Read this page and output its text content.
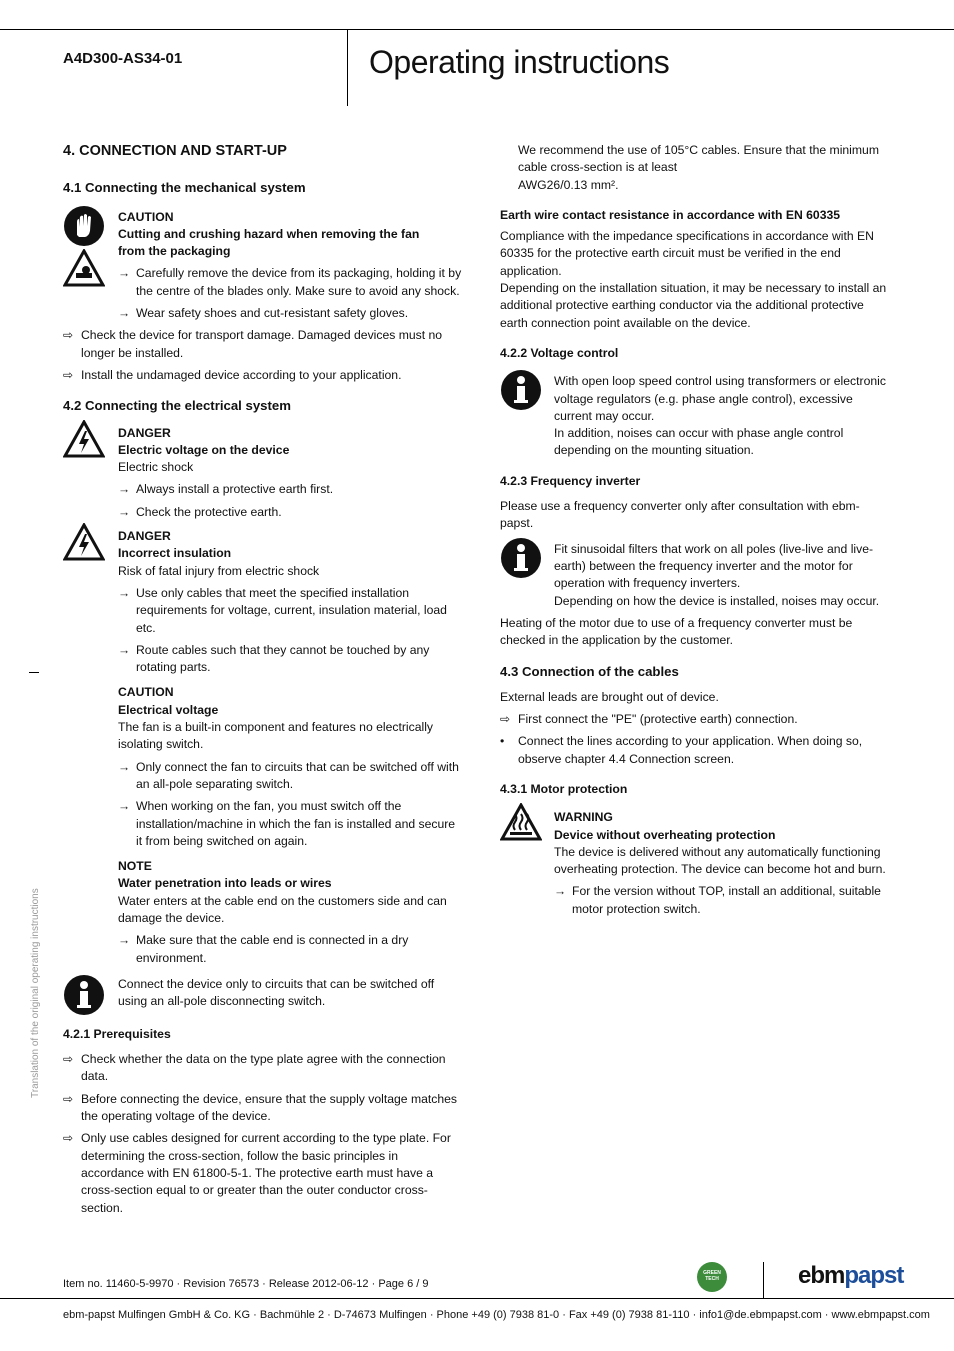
A4D300-AS34-01	Operating instructions
Translation of the original operating instructions

4. CONNECTION AND START-UP

4.1 Connecting the mechanical system

CAUTION

Cutting and crushing hazard when removing the fan

from the packaging

→ Carefully remove the device from its packaging, holding it by the centre of the blades only. Make sure to avoid any shock.
→ Wear safety shoes and cut-resistant safety gloves.
⇨ Check the device for transport damage. Damaged devices must no longer be installed.
⇨ Install the undamaged device according to your application.

4.2 Connecting the electrical system

DANGER

Electric voltage on the device

Electric shock

→ Always install a protective earth first.
→ Check the protective earth.

DANGER

Incorrect insulation

Risk of fatal injury from electric shock

→ Use only cables that meet the specified installation requirements for voltage, current, insulation material, load etc.
→ Route cables such that they cannot be touched by any rotating parts.

CAUTION

Electrical voltage

The fan is a built-in component and features no electrically isolating switch.

→ Only connect the fan to circuits that can be switched off with an all-pole separating switch.
→ When working on the fan, you must switch off the installation/machine in which the fan is installed and secure it from being switched on again.

NOTE

Water penetration into leads or wires

Water enters at the cable end on the customers side and can damage the device.

→ Make sure that the cable end is connected in a dry environment.

Connect the device only to circuits that can be switched off using an all-pole disconnecting switch.

4.2.1 Prerequisites

⇨ Check whether the data on the type plate agree with the connection data.
⇨ Before connecting the device, ensure that the supply voltage matches the operating voltage of the device.
⇨ Only use cables designed for current according to the type plate. For determining the cross-section, follow the basic principles in accordance with EN 61800-5-1. The protective earth must have a cross-section equal to or greater than the outer conductor cross-section.

We recommend the use of 105°C cables. Ensure that the minimum

cable cross-section is at least

AWG26/0.13 mm².

Earth wire contact resistance in accordance with EN 60335

Compliance with the impedance specifications in accordance with EN 60335 for the protective earth circuit must be verified in the end application.

Depending on the installation situation, it may be necessary to install an additional protective earthing conductor via the additional protective earth connection point available on the device.

4.2.2 Voltage control

With open loop speed control using transformers or electronic voltage regulators (e.g. phase angle control), excessive current may occur.

In addition, noises can occur with phase angle control depending on the mounting situation.

4.2.3 Frequency inverter

Please use a frequency converter only after consultation with ebm-papst.

Fit sinusoidal filters that work on all poles (live-live and live-earth) between the frequency inverter and the motor for operation with frequency inverters.

Depending on how the device is installed, noises may occur.

Heating of the motor due to use of a frequency converter must be checked in the application by the customer.

4.3 Connection of the cables

External leads are brought out of device.

⇨ First connect the "PE" (protective earth) connection.
• Connect the lines according to your application. When doing so, observe chapter 4.4 Connection screen.

4.3.1 Motor protection

WARNING

Device without overheating protection

The device is delivered without any automatically functioning overheating protection. The device can become hot and burn.

→ For the version without TOP, install an additional, suitable motor protection switch.
Item no. 11460-5-9970 · Revision 76573 · Release 2012-06-12 · Page 6 / 9
GREEN
TECH	ebmpapst
ebm-papst Mulfingen GmbH & Co. KG · Bachmühle 2 · D-74673 Mulfingen · Phone +49 (0) 7938 81-0 · Fax +49 (0) 7938 81-110 · info1@de.ebmpapst.com · www.ebmpapst.com
